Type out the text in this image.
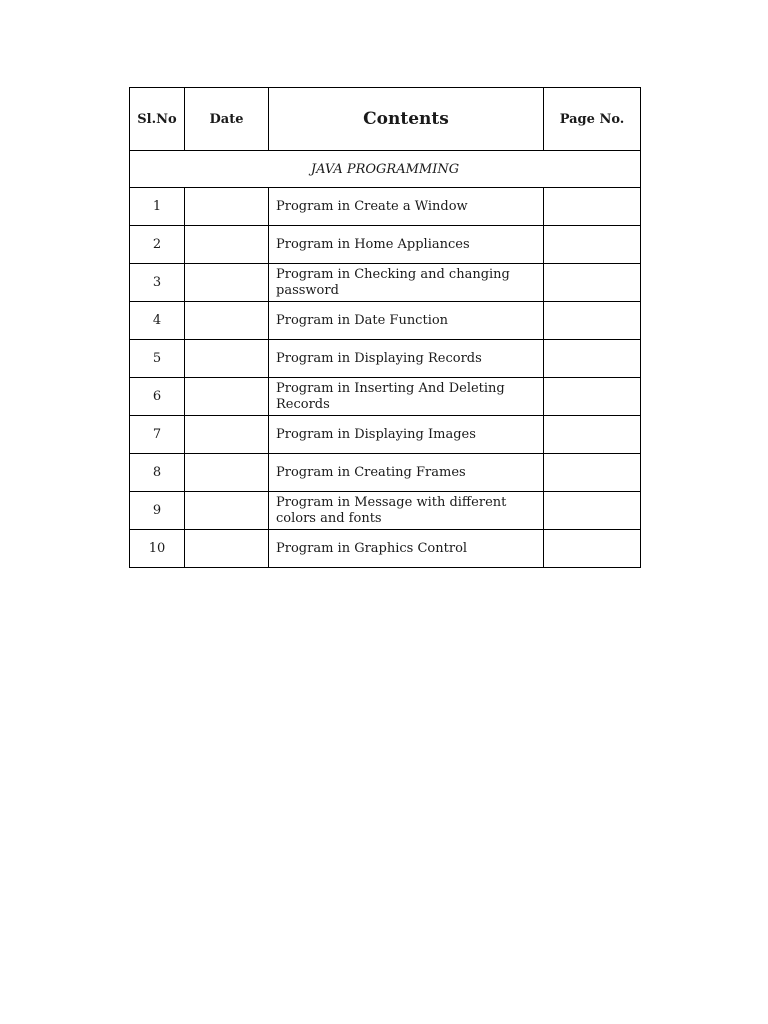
Sl.No	Date	Contents	Page No.
JAVA PROGRAMMING			
1		Program in Create a Window	
2		Program in Home Appliances	
3		Program in Checking and changing password	
4		Program in Date Function	
5		Program in Displaying Records	
6		Program in Inserting And Deleting Records	
7		Program in Displaying Images	
8		Program in Creating Frames	
9		Program in Message with different colors and fonts	
10		Program in Graphics Control	
